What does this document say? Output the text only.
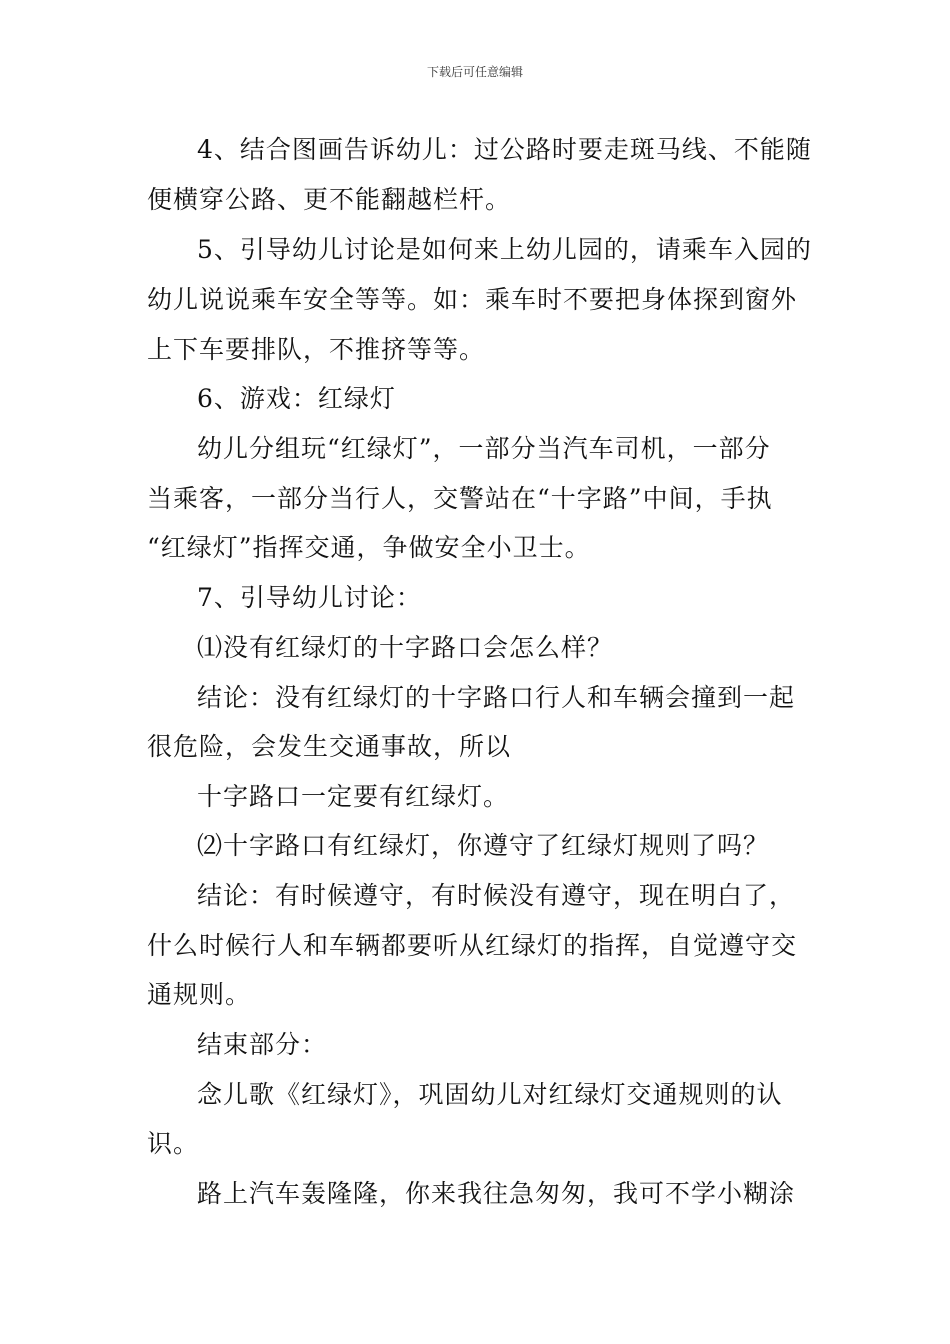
下载后可任意编辑
4、结合图画告诉幼儿：过公路时要走斑马线、不能随
便横穿公路、更不能翻越栏杆。
5、引导幼儿讨论是如何来上幼儿园的，请乘车入园的
幼儿说说乘车安全等等。如：乘车时不要把身体探到窗外
上下车要排队，不推挤等等。
6、游戏：红绿灯
幼儿分组玩“红绿灯”，一部分当汽车司机，一部分
当乘客，一部分当行人，交警站在“十字路”中间，手执
“红绿灯”指挥交通，争做安全小卫士。
7、引导幼儿讨论：
⑴没有红绿灯的十字路口会怎么样？
结论：没有红绿灯的十字路口行人和车辆会撞到一起
很危险，会发生交通事故，所以
十字路口一定要有红绿灯。
⑵十字路口有红绿灯，你遵守了红绿灯规则了吗？
结论：有时候遵守，有时候没有遵守，现在明白了，
什么时候行人和车辆都要听从红绿灯的指挥，自觉遵守交
通规则。
结束部分：
念儿歌《红绿灯》，巩固幼儿对红绿灯交通规则的认
识。
路上汽车轰隆隆，你来我往急匆匆，我可不学小糊涂
